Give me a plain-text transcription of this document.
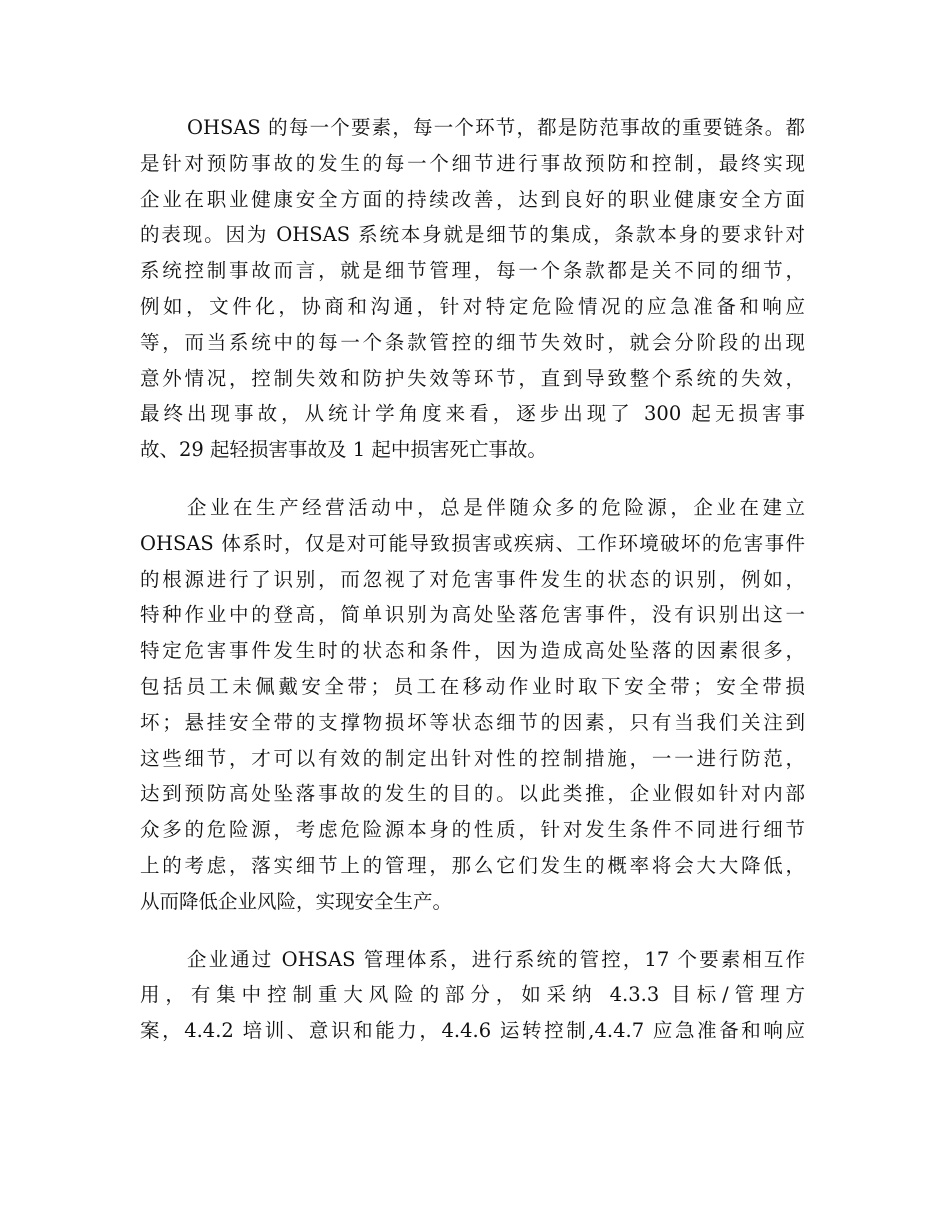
OHSAS 的每一个要素，每一个环节，都是防范事故的重要链条。都
是针对预防事故的发生的每一个细节进行事故预防和控制，最终实现
企业在职业健康安全方面的持续改善，达到良好的职业健康安全方面
的表现。因为 OHSAS 系统本身就是细节的集成，条款本身的要求针对
系统控制事故而言，就是细节管理，每一个条款都是关不同的细节，
例如，文件化，协商和沟通，针对特定危险情况的应急准备和响应
等，而当系统中的每一个条款管控的细节失效时，就会分阶段的出现
意外情况，控制失效和防护失效等环节，直到导致整个系统的失效，
最终出现事故，从统计学角度来看，逐步出现了 300 起无损害事
故、29 起轻损害事故及 1 起中损害死亡事故。

企业在生产经营活动中，总是伴随众多的危险源，企业在建立
OHSAS 体系时，仅是对可能导致损害或疾病、工作环境破坏的危害事件
的根源进行了识别，而忽视了对危害事件发生的状态的识别，例如，
特种作业中的登高，简单识别为高处坠落危害事件，没有识别出这一
特定危害事件发生时的状态和条件，因为造成高处坠落的因素很多，
包括员工未佩戴安全带；员工在移动作业时取下安全带；安全带损
坏；悬挂安全带的支撑物损坏等状态细节的因素，只有当我们关注到
这些细节，才可以有效的制定出针对性的控制措施，一一进行防范，
达到预防高处坠落事故的发生的目的。以此类推，企业假如针对内部
众多的危险源，考虑危险源本身的性质，针对发生条件不同进行细节
上的考虑，落实细节上的管理，那么它们发生的概率将会大大降低，
从而降低企业风险，实现安全生产。

企业通过 OHSAS 管理体系，进行系统的管控，17 个要素相互作
用，有集中控制重大风险的部分，如采纳 4.3.3 目标/管理方
案，4.4.2 培训、意识和能力，4.4.6 运转控制,4.4.7 应急准备和响应
